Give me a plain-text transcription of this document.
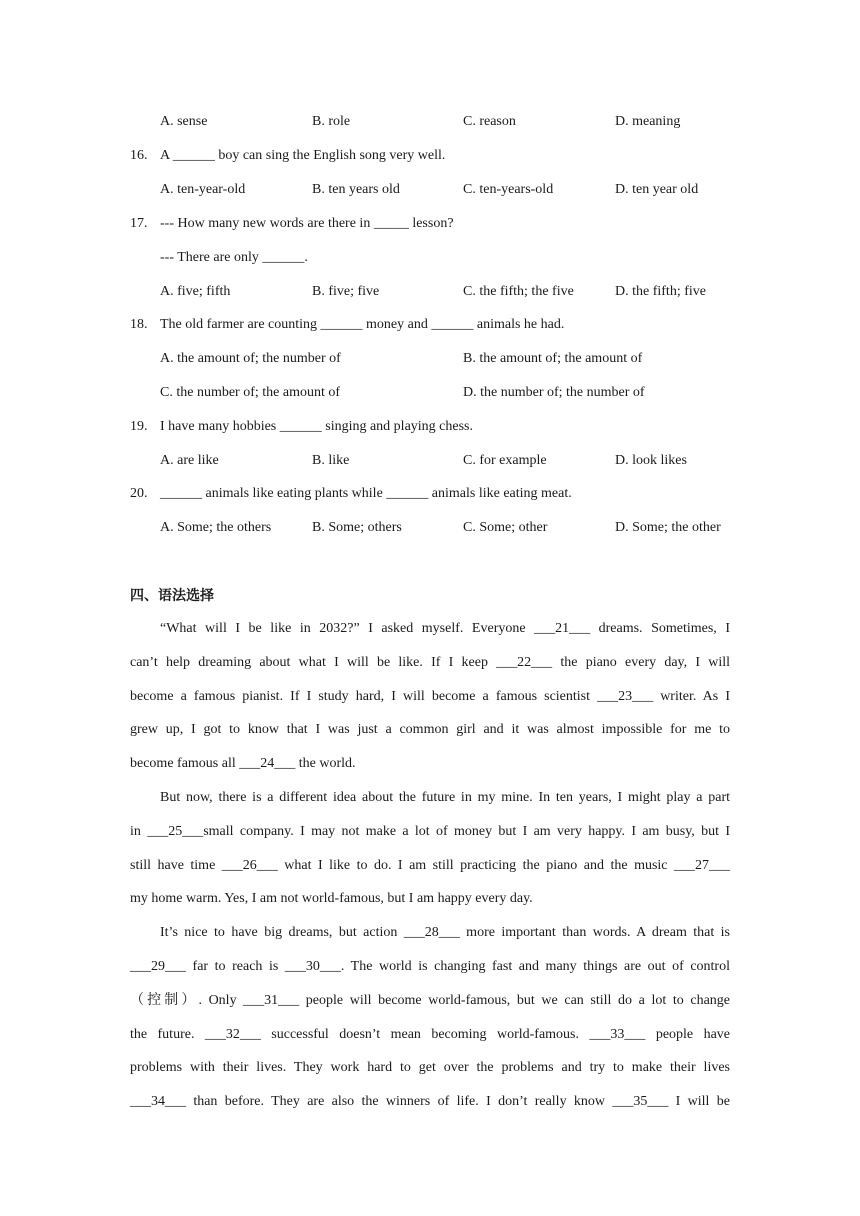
A. sense	B. role	C. reason	D. meaning
16. A ______ boy can sing the English song very well.
A. ten-year-old	B. ten years old	C. ten-years-old	D. ten year old
17. --- How many new words are there in _____ lesson?
--- There are only ______.
A. five; fifth	B. five; five	C. the fifth; the five	D. the fifth; five
18. The old farmer are counting ______ money and ______ animals he had.
A. the amount of; the number of	B. the amount of; the amount of
C. the number of; the amount of	D. the number of; the number of
19. I have many hobbies ______ singing and playing chess.
A. are like	B. like	C. for example	D. look likes
20. ______ animals like eating plants while ______ animals like eating meat.
A. Some; the others	B. Some; others	C. Some; other	D. Some; the other
四、语法选择
“What will I be like in 2032?” I asked myself. Everyone ___21___ dreams. Sometimes, I
can’t help dreaming about what I will be like. If I keep ___22___ the piano every day, I will
become a famous pianist. If I study hard, I will become a famous scientist ___23___ writer. As I
grew up, I got to know that I was just a common girl and it was almost impossible for me to
become famous all ___24___ the world.
But now, there is a different idea about the future in my mine. In ten years, I might play a part
in ___25___small company. I may not make a lot of money but I am very happy. I am busy, but I
still have time ___26___ what I like to do. I am still practicing the piano and the music ___27___
my home warm. Yes, I am not world-famous, but I am happy every day.
It’s nice to have big dreams, but action ___28___ more important than words. A dream that is
___29___ far to reach is ___30___. The world is changing fast and many things are out of control
（控制）. Only ___31___ people will become world-famous, but we can still do a lot to change
the future. ___32___ successful doesn’t mean becoming world-famous. ___33___ people have
problems with their lives. They work hard to get over the problems and try to make their lives
___34___ than before. They are also the winners of life. I don’t really know ___35___ I will be
